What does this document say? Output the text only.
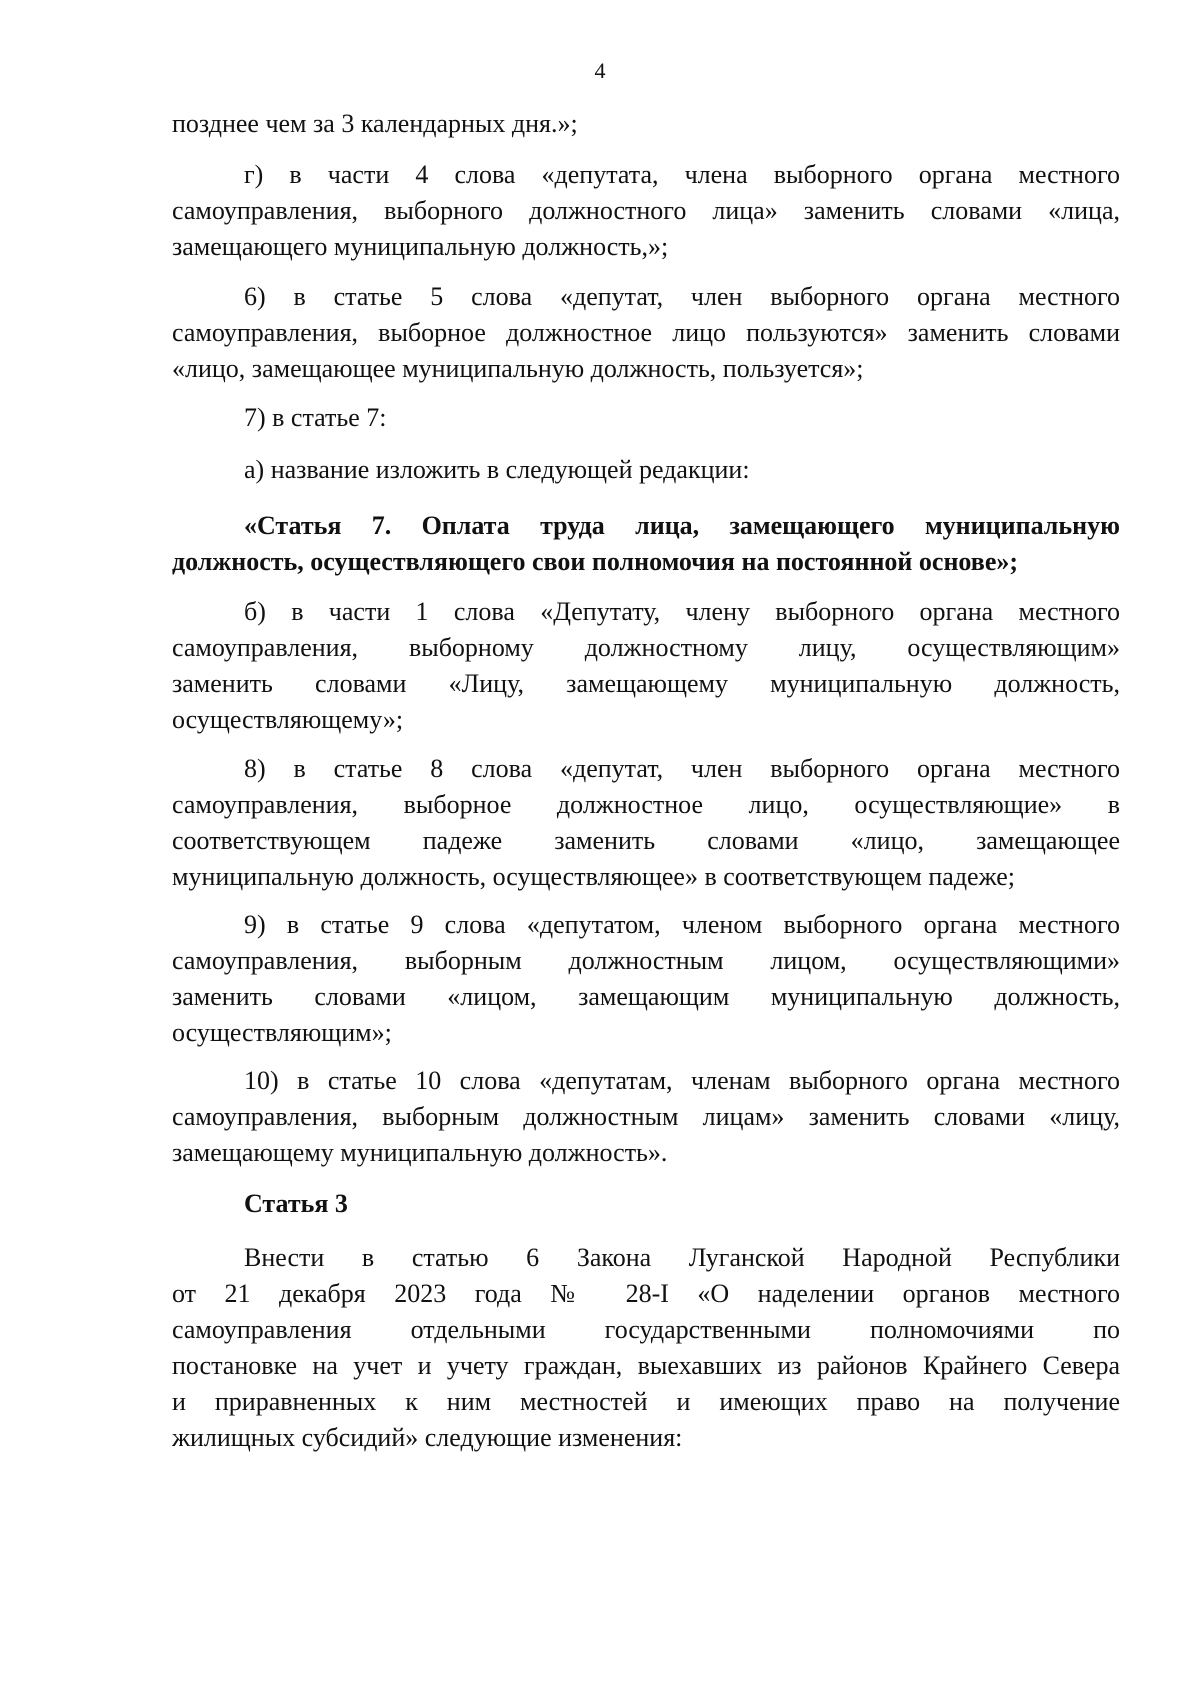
4
позднее чем за 3 календарных дня.»;
г) в части 4 слова «депутата, члена выборного органа местного
самоуправления, выборного должностного лица» заменить словами «лица,
замещающего муниципальную должность,»;
6) в статье 5 слова «депутат, член выборного органа местного
самоуправления, выборное должностное лицо пользуются» заменить словами
«лицо, замещающее муниципальную должность, пользуется»;
7) в статье 7:
а) название изложить в следующей редакции:
«Статья 7. Оплата труда лица, замещающего муниципальную
должность, осуществляющего свои полномочия на постоянной основе»;
б) в части 1 слова «Депутату, члену выборного органа местного
самоуправления, выборному должностному лицу, осуществляющим»
заменить словами «Лицу, замещающему муниципальную должность,
осуществляющему»;
8) в статье 8 слова «депутат, член выборного органа местного
самоуправления, выборное должностное лицо, осуществляющие» в
соответствующем падеже заменить словами «лицо, замещающее
муниципальную должность, осуществляющее» в соответствующем падеже;
9) в статье 9 слова «депутатом, членом выборного органа местного
самоуправления, выборным должностным лицом, осуществляющими»
заменить словами «лицом, замещающим муниципальную должность,
осуществляющим»;
10) в статье 10 слова «депутатам, членам выборного органа местного
самоуправления, выборным должностным лицам» заменить словами «лицу,
замещающему муниципальную должность».
Статья 3
Внести в статью 6 Закона Луганской Народной Республики
от 21 декабря 2023 года № 28-I «О наделении органов местного
самоуправления отдельными государственными полномочиями по
постановке на учет и учету граждан, выехавших из районов Крайнего Севера
и приравненных к ним местностей и имеющих право на получение
жилищных субсидий» следующие изменения:
